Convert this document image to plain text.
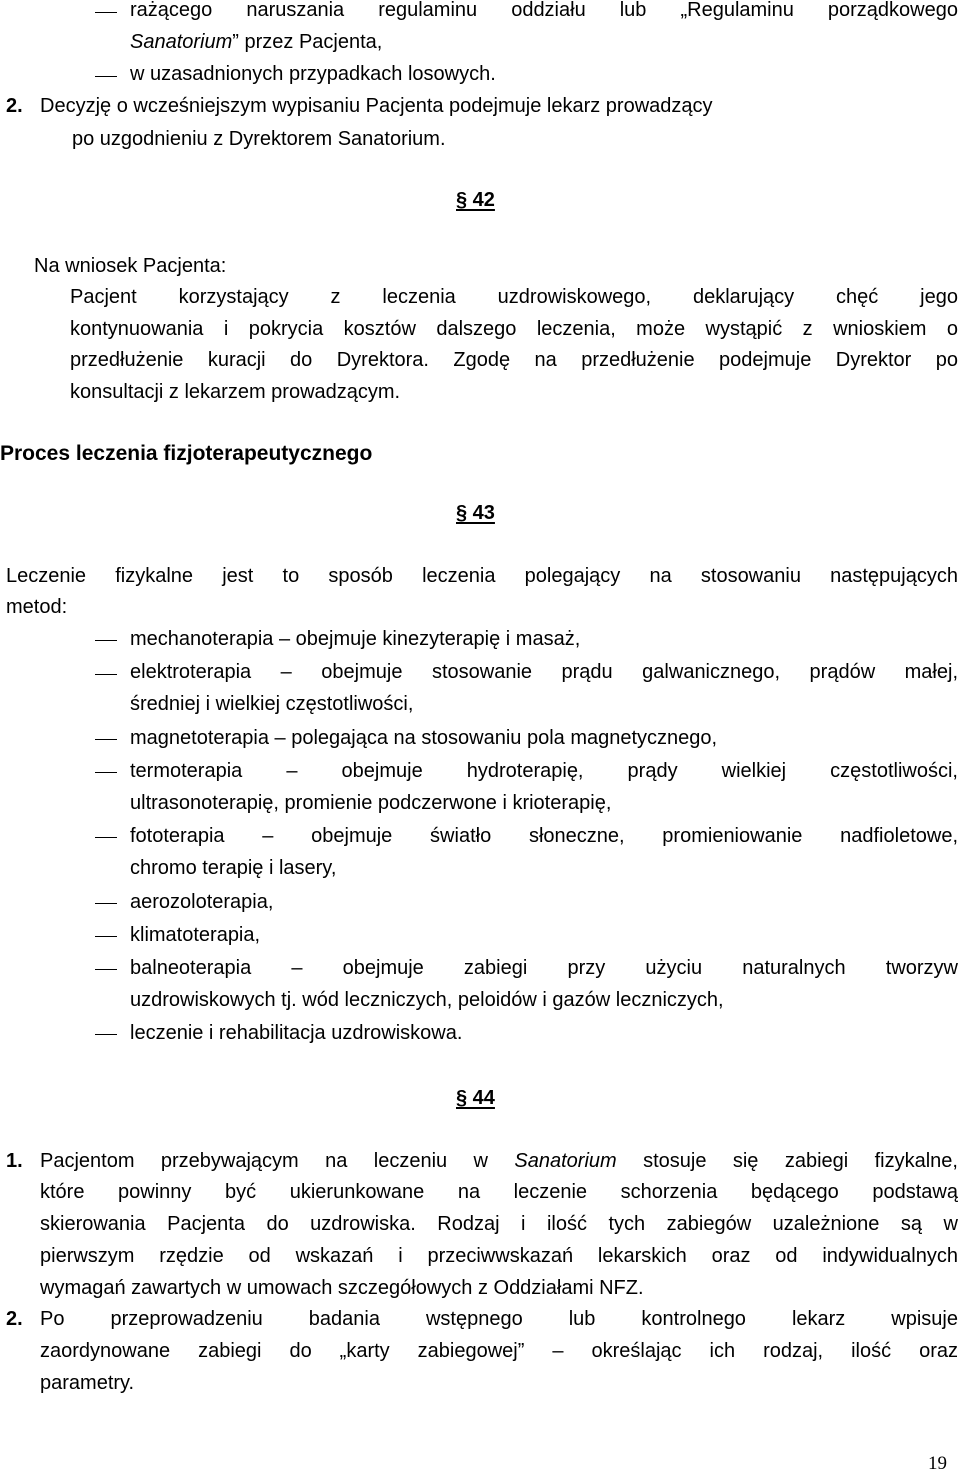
rażącego naruszania regulaminu oddziału lub „Regulaminu porządkowego
Sanatorium” przez Pacjenta,
w uzasadnionych przypadkach losowych.
2. Decyzję o wcześniejszym wypisaniu Pacjenta podejmuje lekarz prowadzący
po uzgodnieniu z Dyrektorem Sanatorium.
§ 42
Na wniosek Pacjenta:
Pacjent korzystający z leczenia uzdrowiskowego, deklarujący chęć jego
kontynuowania i pokrycia kosztów dalszego leczenia, może wystąpić z wnioskiem o
przedłużenie kuracji do Dyrektora. Zgodę na przedłużenie podejmuje Dyrektor po
konsultacji z lekarzem prowadzącym.
Proces leczenia fizjoterapeutycznego
§ 43
Leczenie fizykalne jest to sposób leczenia polegający na stosowaniu następujących
metod:
mechanoterapia – obejmuje kinezyterapię i masaż,
elektroterapia – obejmuje stosowanie prądu galwanicznego, prądów małej,
średniej i wielkiej częstotliwości,
magnetoterapia – polegająca na stosowaniu pola magnetycznego,
termoterapia – obejmuje hydroterapię, prądy wielkiej częstotliwości,
ultrasonoterapię, promienie podczerwone i krioterapię,
fototerapia – obejmuje światło słoneczne, promieniowanie nadfioletowe,
chromo terapię i lasery,
aerozoloterapia,
klimatoterapia,
balneoterapia – obejmuje zabiegi przy użyciu naturalnych tworzyw
uzdrowiskowych tj. wód leczniczych, peloidów i gazów leczniczych,
leczenie i rehabilitacja uzdrowiskowa.
§ 44
1. Pacjentom przebywającym na leczeniu w Sanatorium stosuje się zabiegi fizykalne,
które powinny być ukierunkowane na leczenie schorzenia będącego podstawą
skierowania Pacjenta do uzdrowiska. Rodzaj i ilość tych zabiegów uzależnione są w
pierwszym rzędzie od wskazań i przeciwwskazań lekarskich oraz od indywidualnych
wymagań zawartych w umowach szczegółowych z Oddziałami NFZ.
2. Po przeprowadzeniu badania wstępnego lub kontrolnego lekarz wpisuje
zaordynowane zabiegi do „karty zabiegowej” – określając ich rodzaj, ilość oraz
parametry.
19
